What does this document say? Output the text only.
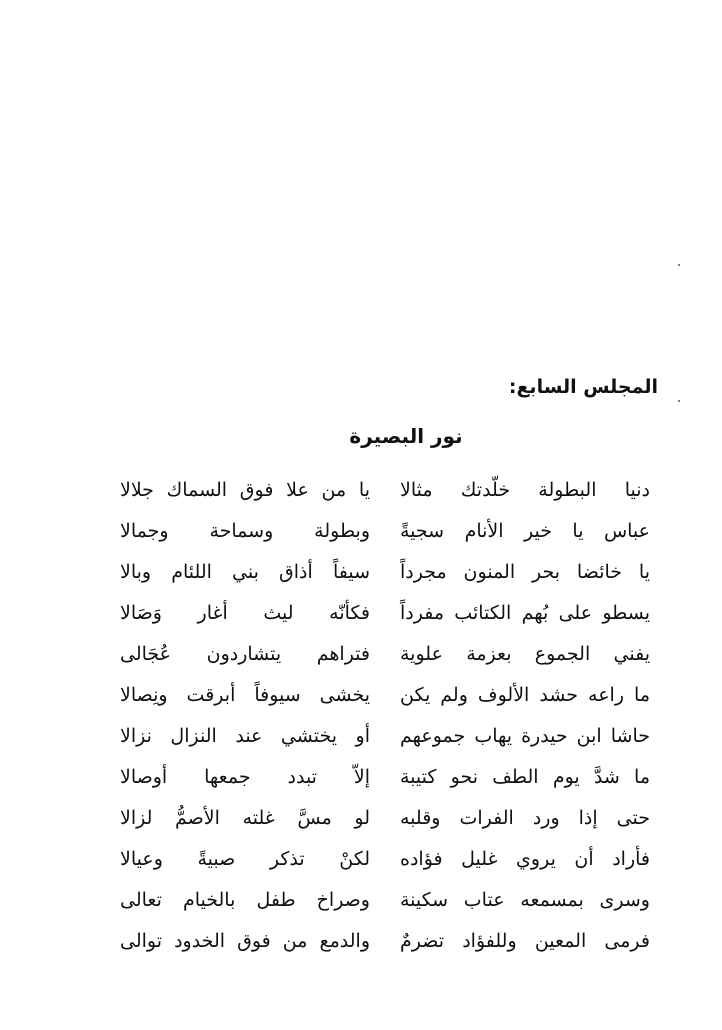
المجلس السابع:
نور البصيرة
دنيا البطولة خلّدتك مثالا
يا من علا فوق السماك جلالا
عباس يا خير الأنام سجيةً
وبطولة وسماحة وجمالا
يا خائضا بحر المنون مجرداً
سيفاً أذاق بني اللئام وبالا
يسطو على بُهم الكتائب مفرداً
فكأنّه ليث أغار وَصَالا
يفني الجموع بعزمة علوية
فتراهم يتشاردون عُجَالى
ما راعه حشد الألوف ولم يكن
يخشى سيوفاً أبرقت ونِصالا
حاشا ابن حيدرة يهاب جموعهم
أو يختشي عند النزال نزالا
ما شدَّ يوم الطف نحو كتيبة
إلاّ تبدد جمعها أوصالا
حتى إذا ورد الفرات وقلبه
لو مسَّ غلته الأصمُّ لزالا
فأراد أن يروي غليل فؤاده
لكنْ تذكر صبيةً وعيالا
وسرى بمسمعه عتاب سكينة
وصراخ طفل بالخيام تعالى
فرمى المعين وللفؤاد تضرمٌ
والدمع من فوق الخدود توالى
